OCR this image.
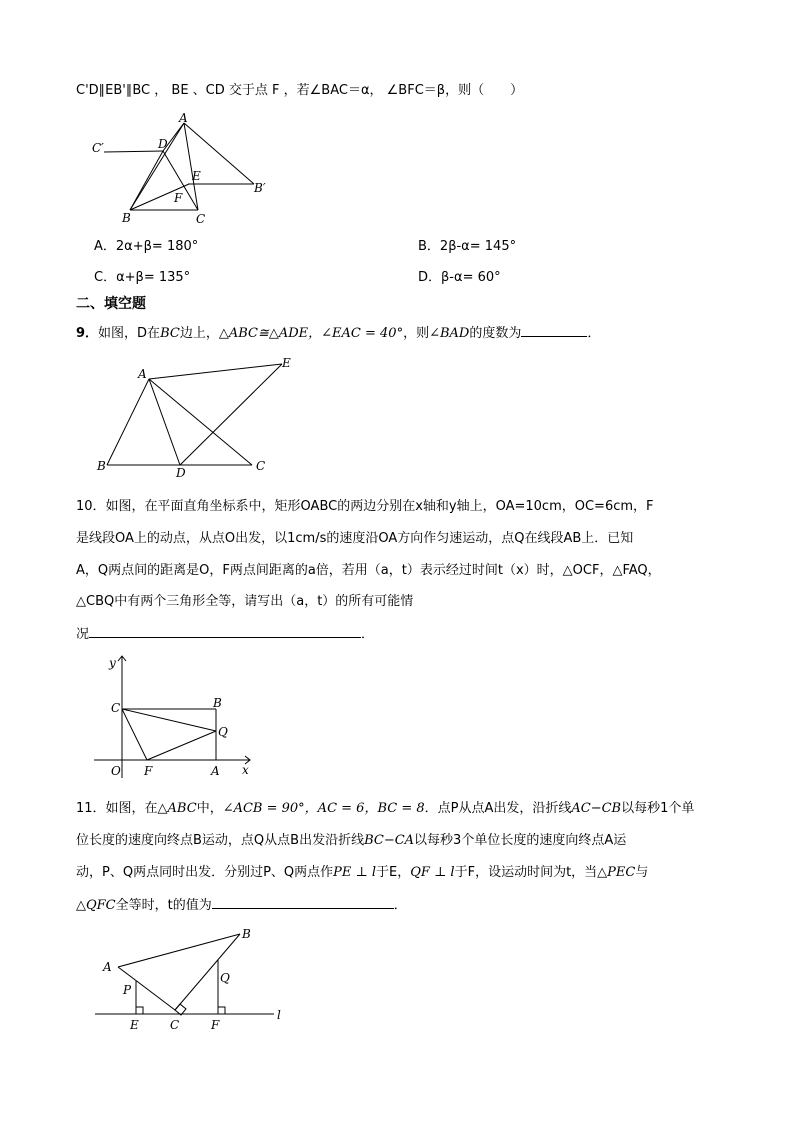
C'D∥EB'∥BC ， BE 、CD 交于点 F ，若∠BAC＝α， ∠BFC＝β，则（　　）
A
C′	D
E
B′
F
B	C
A．2α+β= 180°	B．2β-α= 145°
C．α+β= 135°	D．β-α= 60°
二、填空题
9．如图，D在BC边上，△ABC≅△ADE，∠EAC = 40°，则∠BAD的度数为	．
A
E
B	D	C
10．如图，在平面直角坐标系中，矩形OABC的两边分别在x轴和y轴上，OA=10cm，OC=6cm，F
是线段OA上的动点，从点O出发，以1cm/s的速度沿OA方向作匀速运动，点Q在线段AB上．已知
A，Q两点间的距离是O，F两点间距离的a倍，若用（a，t）表示经过时间t（x）时，△OCF，△FAQ，
△CBQ中有两个三角形全等，请写出（a，t）的所有可能情
况	．
y
x
C	B
Q
O F	A
11．如图，在△ABC中，∠ACB = 90°，AC = 6，BC = 8．点P从点A出发，沿折线AC−CB以每秒1个单
位长度的速度向终点B运动，点Q从点B出发沿折线BC−CA以每秒3个单位长度的速度向终点A运
动，P、Q两点同时出发．分别过P、Q两点作PE ⊥ l于E，QF ⊥ l于F，设运动时间为t，当△PEC与
△QFC全等时，t的值为	．
A
B
P
Q
E	C	F
l
